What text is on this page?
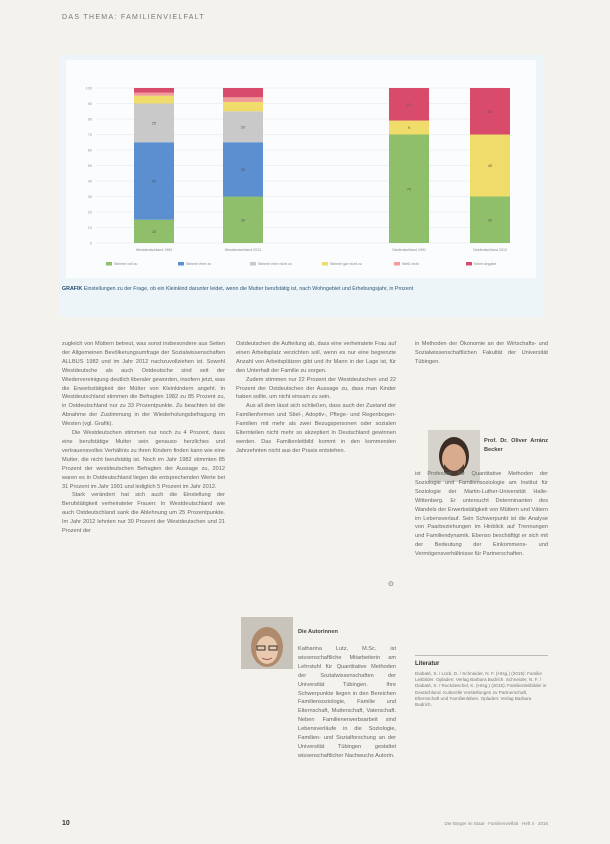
DAS THEMA: FAMILIENVIELFALT
0
10
20
30
40
50
60
70
80
90
100
15
50
25
Westdeutschland 1982
30
35
20
Westdeutschland 2012
70
9
21
Ostdeutschland 1991
30
40
30
Ostdeutschland 2012
Stimme voll zu	Stimme eher zu	Stimme eher nicht zu	Stimme gar nicht zu	Weiß nicht	Keine Angabe
GRAFIK Einstellungen zu der Frage, ob ein Kleinkind darunter leidet, wenn die Mutter berufstätig ist, nach Wohngebiet und Erhebungsjahr, in Prozent

zugleich von Müttern betreut, was sonst insbesondere aus Seiten der Allgemeinen Bevölkerungsumfrage der Sozialwissenschaften ALLBUS 1982 und im Jahr 2012 nachzuvollziehen ist. Sowohl Westdeutsche als auch Ostdeutsche sind seit der Wiedervereinigung deutlich liberaler geworden, insofern jetzt, was die Erwerbstätigkeit der Mütter von Kleinkindern angeht. In Westdeutschland stimmen die Befragten 1982 zu 85 Prozent zu, in Ostdeutschland nur zu 33 Prozentpunkte. Zu beachten ist die Abnahme der Zustimmung in der Wiederholungsbefragung im Westen (vgl. Grafik).

Die Westdeutschen stimmen nur noch zu 4 Prozent, dass eine berufstätige Mutter sein genauso herzliches und vertrauensvolles Verhältnis zu ihren Kindern finden kann wie eine Mutter, die nicht berufstätig ist. Noch im Jahr 1982 stimmten 85 Prozent der westdeutschen Befragten der Aussage zu, 2012 waren es in Ostdeutschland liegen die entsprechenden Werte bei 31 Prozent im Jahr 1991 und lediglich 5 Prozent im Jahr 2012.

Stark verändert hat sich auch die Einstellung der Berufstätigkeit verheirateter Frauen: In Westdeutschland wie auch Ostdeutschland sank die Ablehnung um 25 Prozentpunkte. Im Jahr 2012 lehnten nur 30 Prozent der Westdeutschen und 21 Prozent der

Ostdeutschen die Aufteilung ab, dass eine verheiratete Frau auf einen Arbeitsplatz verzichten soll, wenn es nur eine begrenzte Anzahl von Arbeitsplätzen gibt und ihr Mann in der Lage ist, für den Unterhalt der Familie zu sorgen.

Zudem stimmen nur 22 Prozent der Westdeutschen und 22 Prozent der Ostdeutschen der Aussage zu, dass man Kinder haben sollte, um nicht einsam zu sein.

Aus all dem lässt sich schließen, dass auch der Zustand der Familienformen und Stiel-, Adoptiv-, Pflege- und Regenbogen-Familien mit mehr als zwei Bezugspersonen oder sozialen Elternteilen nicht mehr so akzeptiert in Deutschland gewinnen werden. Das Familienleitbild kommt in den kommenden Jahrzehnten nicht aus der Praxis entstehen.

⊙
Die Autorinnen
Katharina Lutz, M.Sc. ist wissenschaftliche Mitarbeiterin am Lehrstuhl für Quantitative Methoden der Sozialwissenschaften der Universität Tübingen. Ihre Schwerpunkte liegen in den Bereichen Familiensoziologie, Familie und Elternschaft, Mutterschaft, Vaterschaft. Neben Familienerwerbsarbeit sind Lebensverläufe in die Soziologie, Familien- und Sozialforschung an der Universität Tübingen gestaltet wissenschaftlicher Nachwuchs Autorin.

in Methoden der Ökonomie an der Wirtschafts- und Sozialwissenschaftlichen Fakultät der Universität Tübingen.

Prof. Dr. Oliver Arránz Becker
ist Professor für Quantitative Methoden der Soziologie und Familiensoziologie am Institut für Soziologie der Martin-Luther-Universität Halle-Wittenberg. Er untersucht Determinanten des Wandels der Erwerbstätigkeit von Müttern und Vätern im Lebensverlauf. Sein Schwerpunkt ist die Analyse von Paarbeziehungen im Hinblick auf Trennungen und Familiendynamik. Ebenso beschäftigt er sich mit der Bedeutung der Einkommens- und Vermögensverhältnisse für Partnerschaften.
Literatur
Diabaté, S. / Lück, D. / Schneider, N. F. (Hrsg.) (2015): Familie Leitbilder. Opladen: Verlag Barbara Budrich. Schneider, N. F. / Diabaté, S. / Ruckdeschel, K. (Hrsg.) (2015): Familienleitbilder in Deutschland. Kulturelle Vorstellungen zu Partnerschaft, Elternschaft und Familienleben. Opladen: Verlag Barbara Budrich.
10	Der Bürger im Staat · Familienvielfalt · Heft 4 · 2016
